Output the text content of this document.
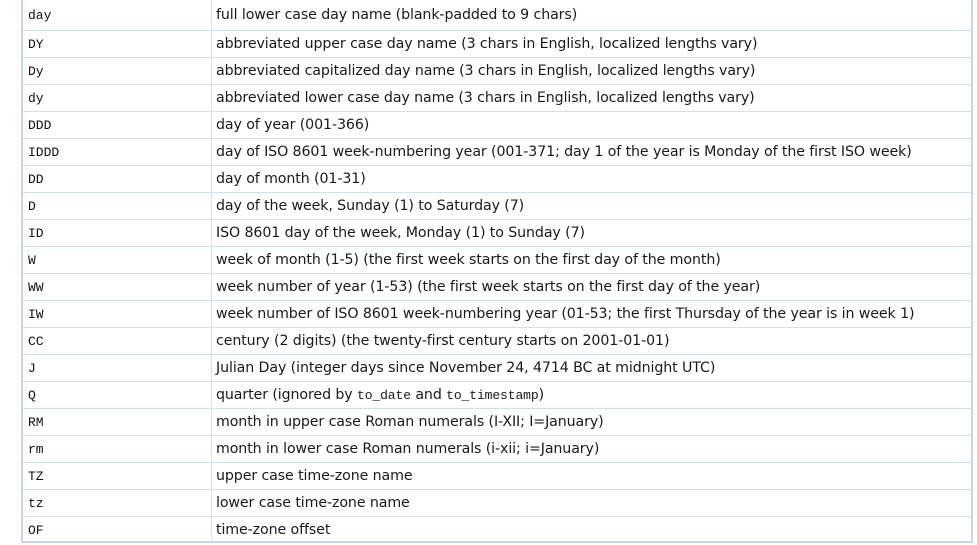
day	full lower case day name (blank-padded to 9 chars)
DY	abbreviated upper case day name (3 chars in English, localized lengths vary)
Dy	abbreviated capitalized day name (3 chars in English, localized lengths vary)
dy	abbreviated lower case day name (3 chars in English, localized lengths vary)
DDD	day of year (001-366)
IDDD	day of ISO 8601 week-numbering year (001-371; day 1 of the year is Monday of the first ISO week)
DD	day of month (01-31)
D	day of the week, Sunday (1) to Saturday (7)
ID	ISO 8601 day of the week, Monday (1) to Sunday (7)
W	week of month (1-5) (the first week starts on the first day of the month)
WW	week number of year (1-53) (the first week starts on the first day of the year)
IW	week number of ISO 8601 week-numbering year (01-53; the first Thursday of the year is in week 1)
CC	century (2 digits) (the twenty-first century starts on 2001-01-01)
J	Julian Day (integer days since November 24, 4714 BC at midnight UTC)
Q	quarter (ignored by to_date and to_timestamp)
RM	month in upper case Roman numerals (I-XII; I=January)
rm	month in lower case Roman numerals (i-xii; i=January)
TZ	upper case time-zone name
tz	lower case time-zone name
OF	time-zone offset
